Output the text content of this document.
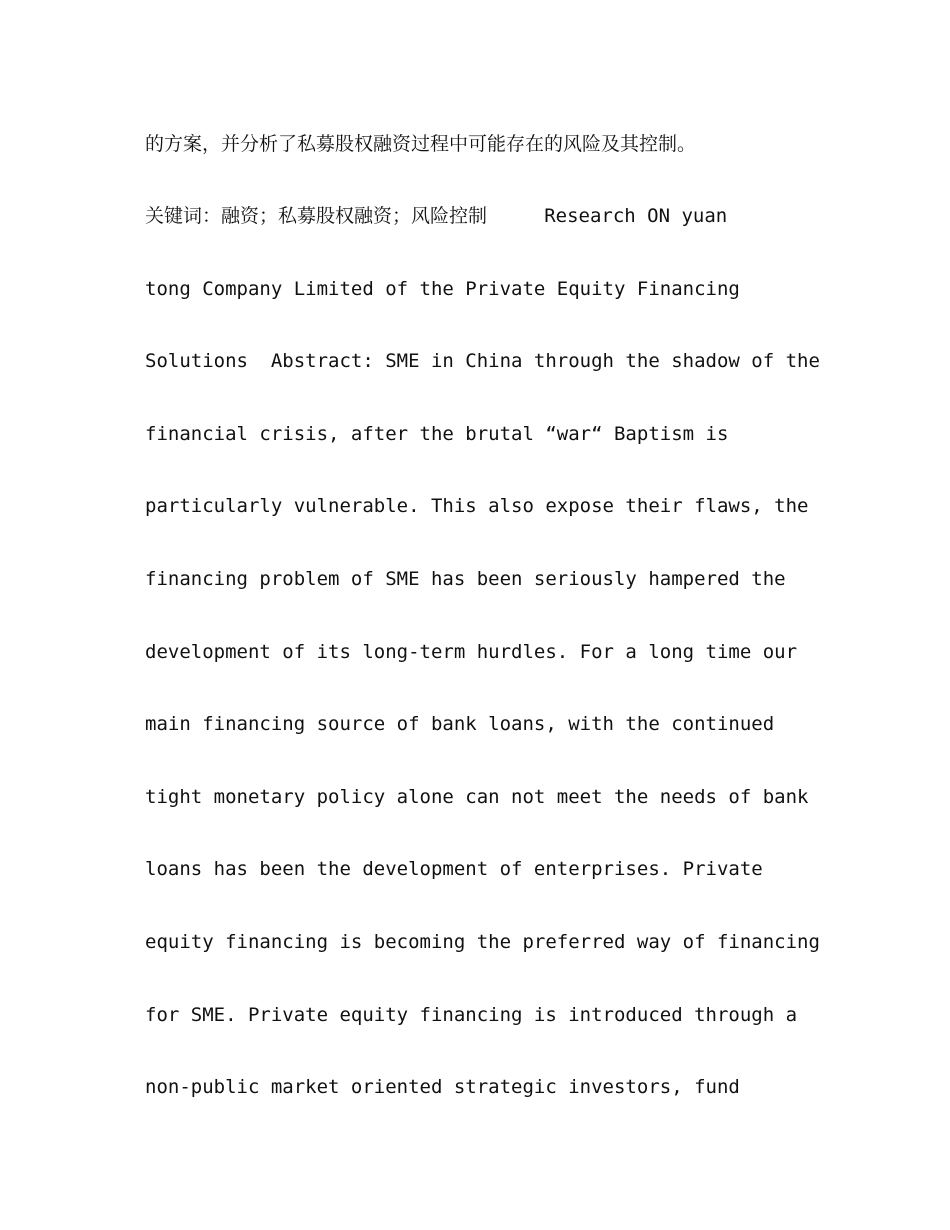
的方案，并分析了私募股权融资过程中可能存在的风险及其控制。
关键词：融资；私募股权融资；风险控制     Research ON yuan
tong Company Limited of the Private Equity Financing
Solutions  Abstract: SME in China through the shadow of the
financial crisis, after the brutal “war“ Baptism is
particularly vulnerable. This also expose their flaws, the
financing problem of SME has been seriously hampered the
development of its long-term hurdles. For a long time our
main financing source of bank loans, with the continued
tight monetary policy alone can not meet the needs of bank
loans has been the development of enterprises. Private
equity financing is becoming the preferred way of financing
for SME. Private equity financing is introduced through a
non-public market oriented strategic investors, fund
